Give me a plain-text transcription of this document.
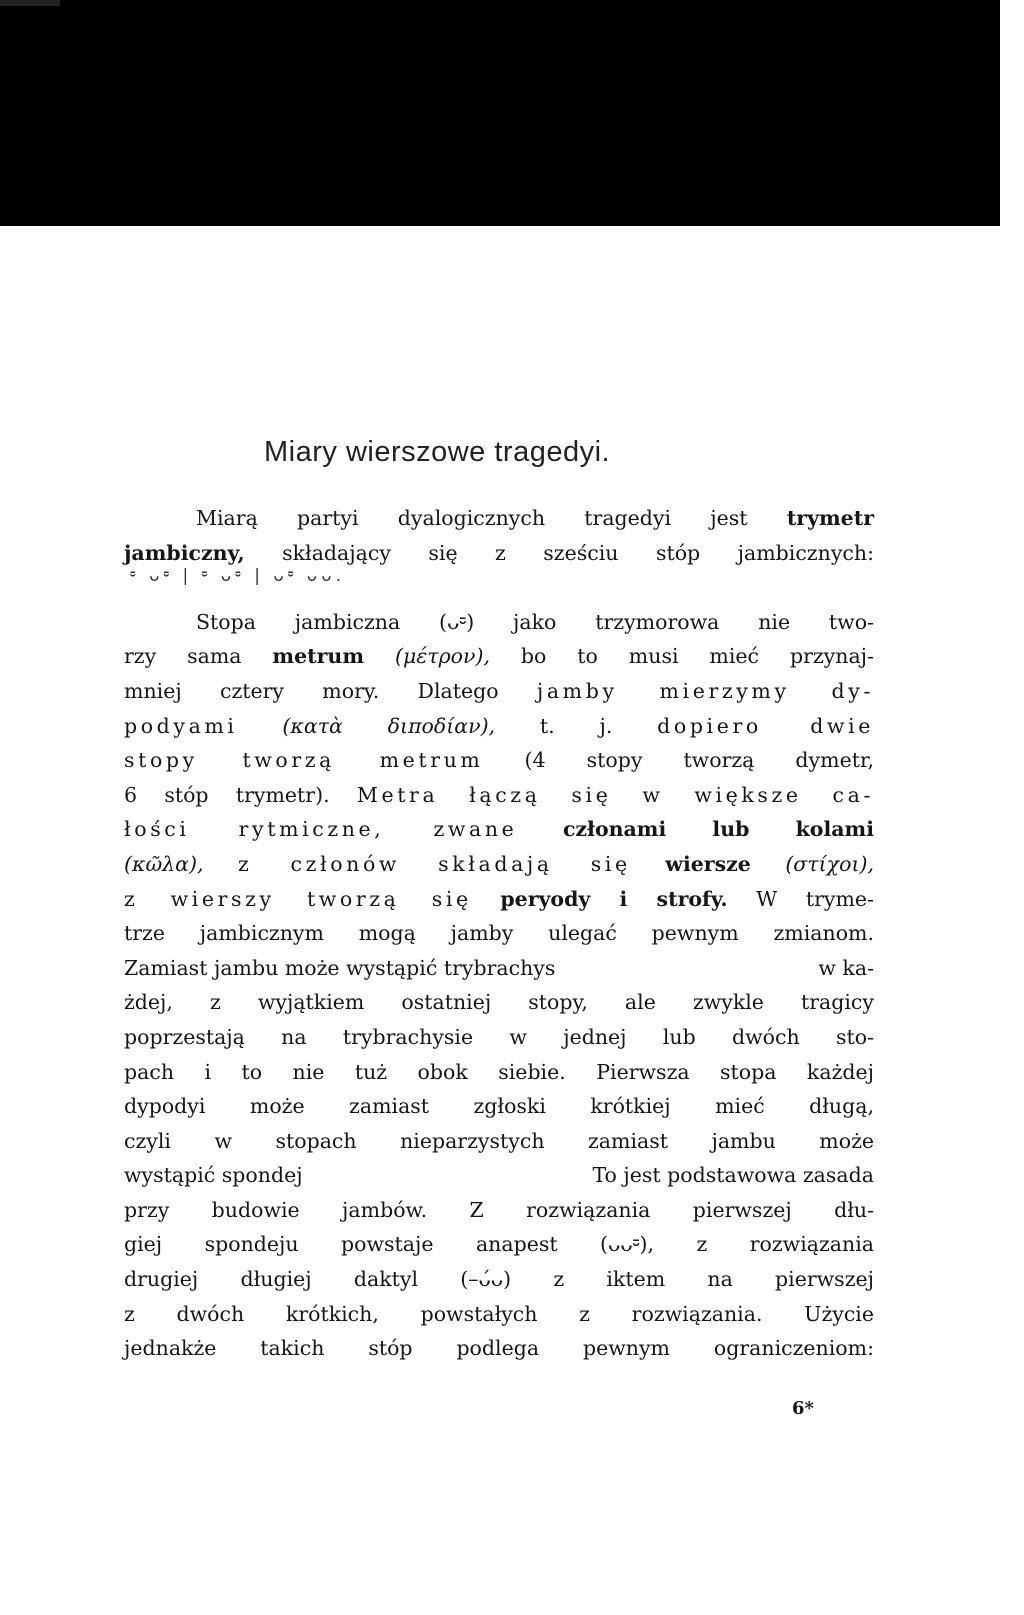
Miary wierszowe tragedyi.
⏒ ᴗ⏒ | ⏒ ᴗ⏒ | ᴗ⏒ ᴗᴗ.
Miarą partyi dyalogicznych tragedyi jest trymetr
jambiczny, składający się z sześciu stóp jambicznych:
Stopa jambiczna (ᴗ⏒) jako trzymorowa nie two-
rzy sama metrum (μέτρον), bo to musi mieć przynaj-
mniej cztery mory. Dlatego jamby mierzymy dy-
podyami (κατὰ διποδίαν), t. j. dopiero dwie
stopy tworzą metrum (4 stopy tworzą dymetr,
6 stóp trymetr). Metra łączą się w większe ca-
łości rytmiczne, zwane członami lub kolami
(κῶλα), z członów składają się wiersze (στίχοι),
z wierszy tworzą się peryody i strofy. W tryme-
trze jambicznym mogą jamby ulegać pewnym zmianom.
Zamiast jambu może wystąpić trybrachys	w ka-
żdej, z wyjątkiem ostatniej stopy, ale zwykle tragicy
poprzestają na trybrachysie w jednej lub dwóch sto-
pach i to nie tuż obok siebie. Pierwsza stopa każdej
dypodyi może zamiast zgłoski krótkiej mieć długą,
czyli w stopach nieparzystych zamiast jambu może
wystąpić spondej	To jest podstawowa zasada
przy budowie jambów. Z rozwiązania pierwszej dłu-
giej spondeju powstaje anapest (ᴗᴗ⏒), z rozwiązania
drugiej długiej daktyl (–ᴗ́ᴗ) z iktem na pierwszej
z dwóch krótkich, powstałych z rozwiązania. Użycie
jednakże takich stóp podlega pewnym ograniczeniom:
6*
